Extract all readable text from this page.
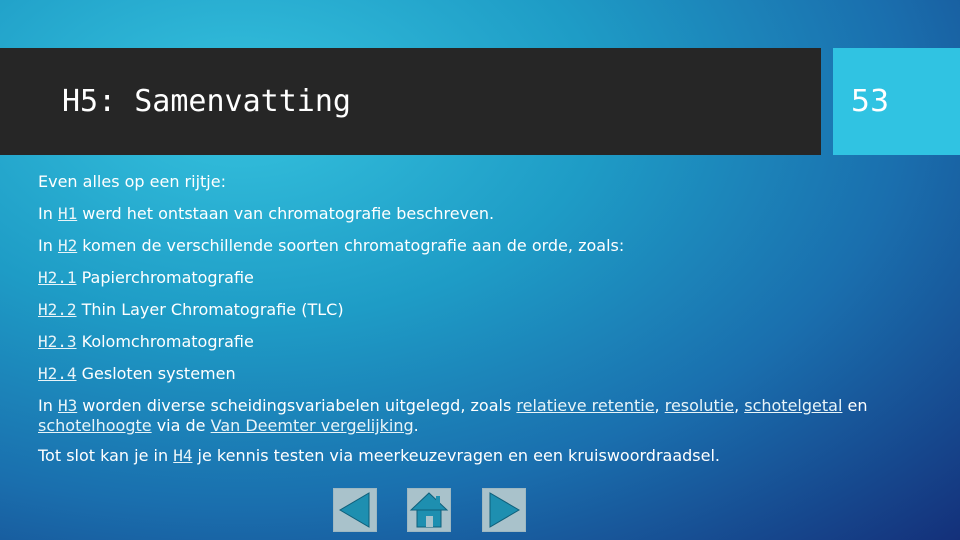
H5: Samenvatting	53

Even alles op een rijtje:

In H1 werd het ontstaan van chromatografie beschreven.

In H2 komen de verschillende soorten chromatografie aan de orde, zoals:

H2.1 Papierchromatografie

H2.2 Thin Layer Chromatografie (TLC)

H2.3 Kolomchromatografie

H2.4 Gesloten systemen

In H3 worden diverse scheidingsvariabelen uitgelegd, zoals relatieve retentie, resolutie, schotelgetal en schotelhoogte via de Van Deemter vergelijking.

Tot slot kan je in H4 je kennis testen via meerkeuzevragen en een kruiswoordraadsel.
